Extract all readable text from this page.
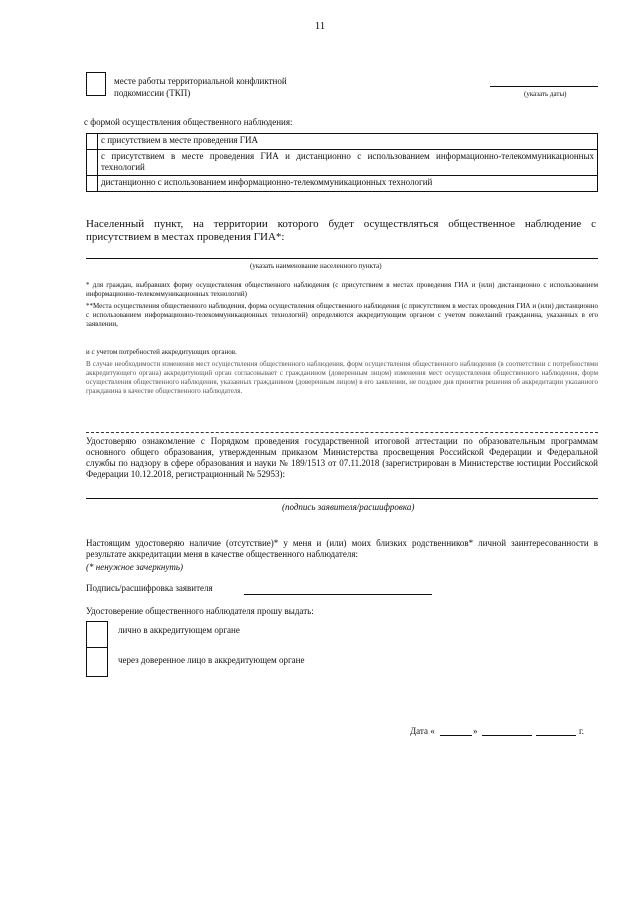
11
месте работы территориальной конфликтной
подкомиссии (ТКП)	(указать даты)
с формой осуществления общественного наблюдения:
	с присутствием в месте проведения ГИА
	с присутствием в месте проведения ГИА и дистанционно с использованием информационно-телекоммуникационных технологий
	дистанционно с использованием информационно-телекоммуникационных технологий
Населенный пункт, на территории которого будет осуществляться общественное наблюдение с присутствием в местах проведения ГИА*:
(указать наименование населенного пункта)
* для граждан, выбравших форму осуществления общественного наблюдения (с присутствием в местах проведения ГИА и (или) дистанционно с использованием информационно-телекоммуникационных технологий)
**Места осуществления общественного наблюдения, форма осуществления общественного наблюдения (с присутствием в местах проведения ГИА и (или) дистанционно с использованием информационно-телекоммуникационных технологий) определяются аккредитующим органом с учетом пожеланий гражданина, указанных в его заявлении,
и с учетом потребностей аккредитующих органов.
В случае необходимости изменения мест осуществления общественного наблюдения, форм осуществления общественного наблюдения (в соответствии с потребностями аккредитующего органа) аккредитующий орган согласовывает с гражданином (доверенным лицом) изменения мест осуществления общественного наблюдения, форм осуществления общественного наблюдения, указанных гражданином (доверенным лицом) в его заявлении, не позднее дня принятия решения об аккредитации указанного гражданина в качестве общественного наблюдателя.
Удостоверяю ознакомление с Порядком проведения государственной итоговой аттестации по образовательным программам основного общего образования, утвержденным приказом Министерства просвещения Российской Федерации и Федеральной службы по надзору в сфере образования и науки № 189/1513 от 07.11.2018 (зарегистрирован в Министерстве юстиции Российской Федерации 10.12.2018, регистрационный № 52953):
(подпись заявителя/расшифровка)
Настоящим удостоверяю наличие (отсутствие)* у меня и (или) моих близких родственников* личной заинтересованности в результате аккредитации меня в качестве общественного наблюдателя:
(* ненужное зачеркнуть)
Подпись/расшифровка заявителя
Удостоверение общественного наблюдателя прошу выдать:
лично в аккредитующем органе
через доверенное лицо в аккредитующем органе
Дата «	»	г.
